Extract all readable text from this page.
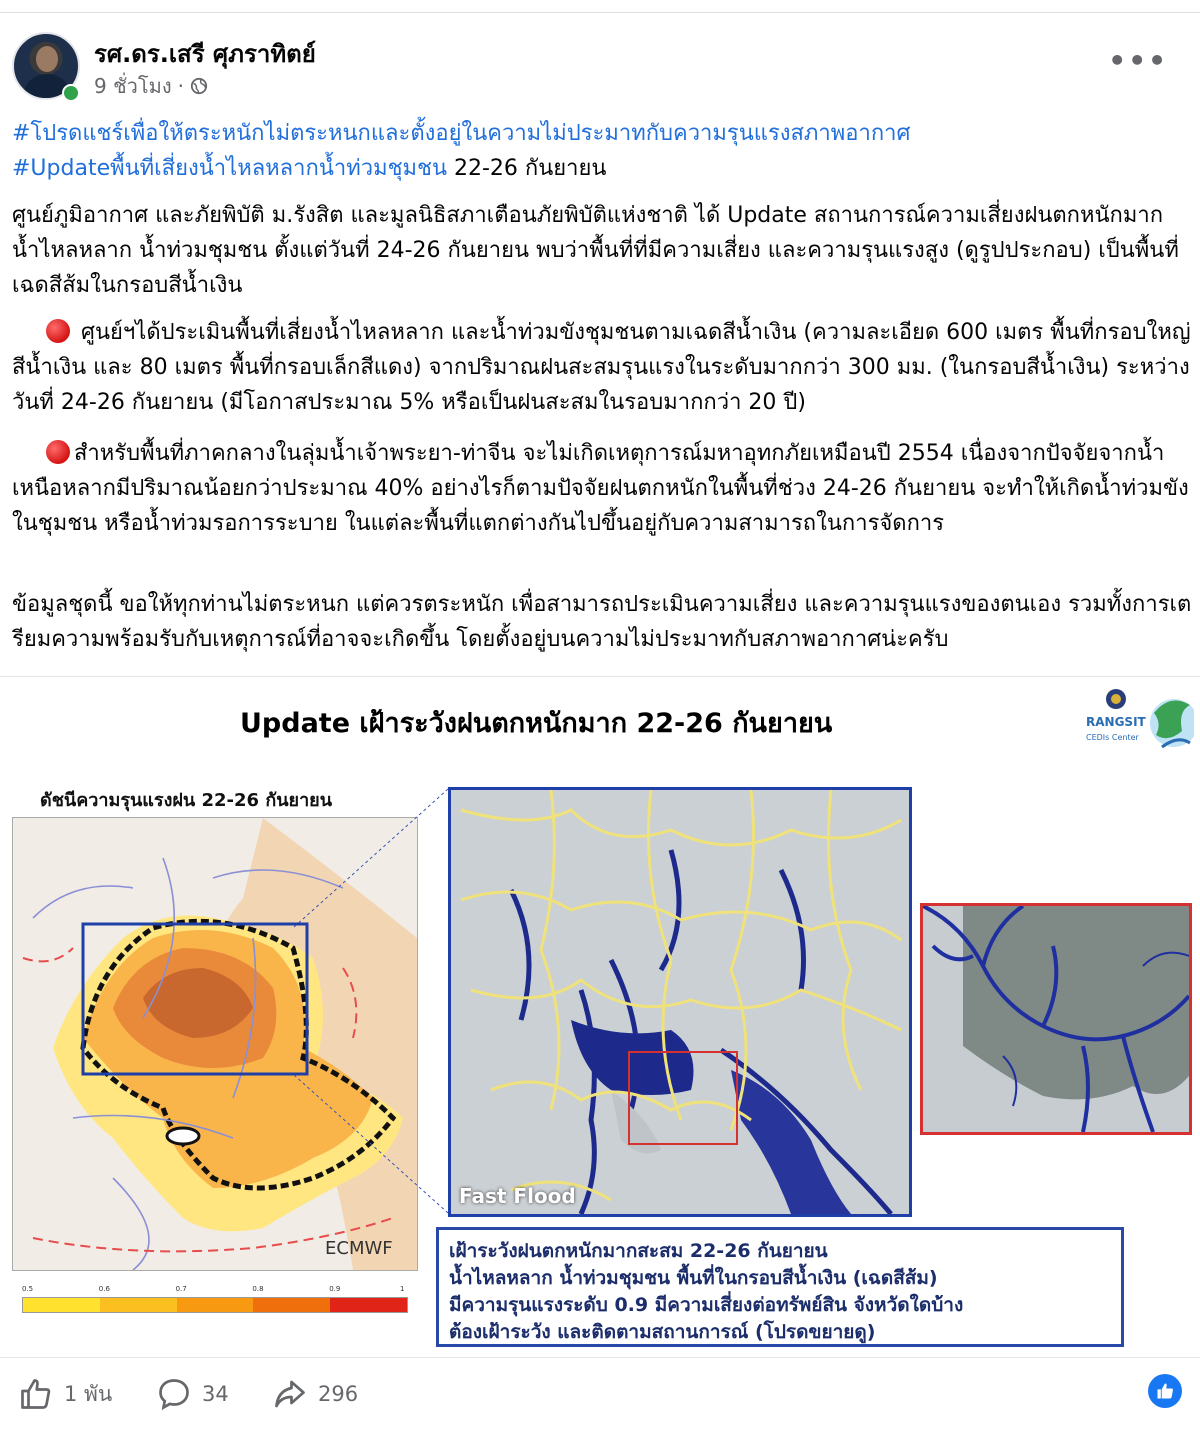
รศ.ดร.เสรี ศุภราทิตย์
9 ชั่วโมง ·
•••
#โปรดแชร์เพื่อให้ตระหนักไม่ตระหนกและตั้งอยู่ในความไม่ประมาทกับความรุนแรงสภาพอากาศ
#Updateพื้นที่เสี่ยงน้ำไหลหลากน้ำท่วมชุมชน 22-26 กันยายน
ศูนย์ภูมิอากาศ และภัยพิบัติ ม.รังสิต และมูลนิธิสภาเตือนภัยพิบัติแห่งชาติ ได้ Update สถานการณ์ความเสี่ยงฝนตกหนักมาก น้ำไหลหลาก น้ำท่วมชุมชน ตั้งแต่วันที่ 24-26 กันยายน พบว่าพื้นที่ที่มีความเสี่ยง และความรุนแรงสูง (ดูรูปประกอบ) เป็นพื้นที่เฉดสีส้มในกรอบสีน้ำเงิน
ศูนย์ฯได้ประเมินพื้นที่เสี่ยงน้ำไหลหลาก และน้ำท่วมขังชุมชนตามเฉดสีน้ำเงิน (ความละเอียด 600 เมตร พื้นที่กรอบใหญ่สีน้ำเงิน และ 80 เมตร พื้นที่กรอบเล็กสีแดง) จากปริมาณฝนสะสมรุนแรงในระดับมากกว่า 300 มม. (ในกรอบสีน้ำเงิน) ระหว่างวันที่ 24-26 กันยายน (มีโอกาสประมาณ 5% หรือเป็นฝนสะสมในรอบมากกว่า 20 ปี)
สำหรับพื้นที่ภาคกลางในลุ่มน้ำเจ้าพระยา-ท่าจีน จะไม่เกิดเหตุการณ์มหาอุทกภัยเหมือนปี 2554 เนื่องจากปัจจัยจากน้ำเหนือหลากมีปริมาณน้อยกว่าประมาณ 40% อย่างไรก็ตามปัจจัยฝนตกหนักในพื้นที่ช่วง 24-26 กันยายน จะทำให้เกิดน้ำท่วมขังในชุมชน หรือน้ำท่วมรอการระบาย ในแต่ละพื้นที่แตกต่างกันไปขึ้นอยู่กับความสามารถในการจัดการ
ข้อมูลชุดนี้ ขอให้ทุกท่านไม่ตระหนก แต่ควรตระหนัก เพื่อสามารถประเมินความเสี่ยง และความรุนแรงของตนเอง รวมทั้งการเตรียมความพร้อมรับกับเหตุการณ์ที่อาจจะเกิดขึ้น โดยตั้งอยู่บนความไม่ประมาทกับสภาพอากาศน่ะครับ
Update เฝ้าระวังฝนตกหนักมาก 22-26 กันยายน	RANGSIT
CEDIs Center
ดัชนีความรุนแรงฝน 22-26 กันยายน
ECMWF
0.5	0.6	0.7	0.8	0.9	1
Fast Flood
เฝ้าระวังฝนตกหนักมากสะสม 22-26 กันยายน
น้ำไหลหลาก น้ำท่วมชุมชน พื้นที่ในกรอบสีน้ำเงิน (เฉดสีส้ม)
มีความรุนแรงระดับ 0.9 มีความเสี่ยงต่อทรัพย์สิน จังหวัดใดบ้าง
ต้องเฝ้าระวัง และติดตามสถานการณ์ (โปรดขยายดู)
1 พัน	34	296
